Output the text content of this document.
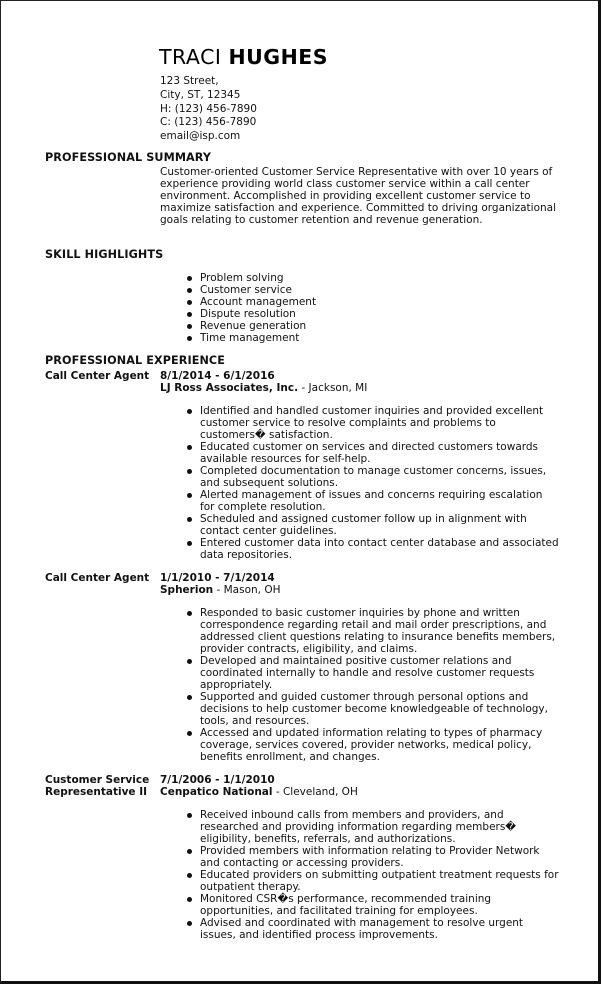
TRACI HUGHES
123 Street,
City, ST, 12345
H: (123) 456-7890
C: (123) 456-7890
email@isp.com
PROFESSIONAL SUMMARY
Customer-oriented Customer Service Representative with over 10 years of experience providing world class customer service within a call center environment. Accomplished in providing excellent customer service to maximize satisfaction and experience. Committed to driving organizational goals relating to customer retention and revenue generation.
SKILL HIGHLIGHTS
Problem solving
Customer service
Account management
Dispute resolution
Revenue generation
Time management
PROFESSIONAL EXPERIENCE
Call Center Agent	8/1/2014 - 6/1/2016
LJ Ross Associates, Inc. - Jackson, MI
Identified and handled customer inquiries and provided excellent customer service to resolve complaints and problems to customers� satisfaction.
Educated customer on services and directed customers towards available resources for self-help.
Completed documentation to manage customer concerns, issues, and subsequent solutions.
Alerted management of issues and concerns requiring escalation for complete resolution.
Scheduled and assigned customer follow up in alignment with contact center guidelines.
Entered customer data into contact center database and associated data repositories.
Call Center Agent	1/1/2010 - 7/1/2014
Spherion - Mason, OH
Responded to basic customer inquiries by phone and written correspondence regarding retail and mail order prescriptions, and addressed client questions relating to insurance benefits members, provider contracts, eligibility, and claims.
Developed and maintained positive customer relations and coordinated internally to handle and resolve customer requests appropriately.
Supported and guided customer through personal options and decisions to help customer become knowledgeable of technology, tools, and resources.
Accessed and updated information relating to types of pharmacy coverage, services covered, provider networks, medical policy, benefits enrollment, and changes.
Customer Service Representative II
7/1/2006 - 1/1/2010
Cenpatico National - Cleveland, OH
Received inbound calls from members and providers, and researched and providing information regarding members� eligibility, benefits, referrals, and authorizations.
Provided members with information relating to Provider Network and contacting or accessing providers.
Educated providers on submitting outpatient treatment requests for outpatient therapy.
Monitored CSR�s performance, recommended training opportunities, and facilitated training for employees.
Advised and coordinated with management to resolve urgent issues, and identified process improvements.
